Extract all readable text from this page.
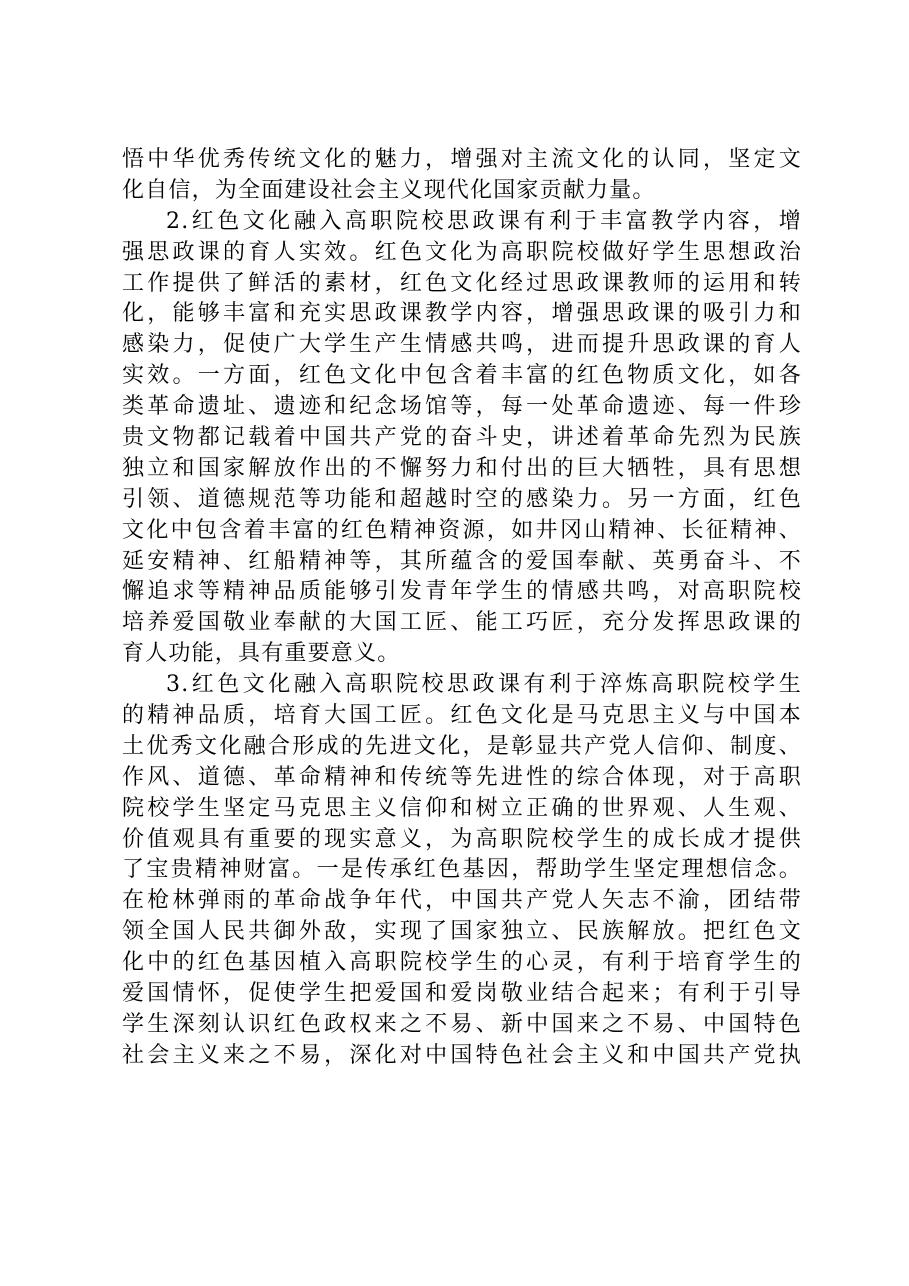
悟中华优秀传统文化的魅力，增强对主流文化的认同，坚定文
化自信，为全面建设社会主义现代化国家贡献力量。
2.红色文化融入高职院校思政课有利于丰富教学内容，增
强思政课的育人实效。红色文化为高职院校做好学生思想政治
工作提供了鲜活的素材，红色文化经过思政课教师的运用和转
化，能够丰富和充实思政课教学内容，增强思政课的吸引力和
感染力，促使广大学生产生情感共鸣，进而提升思政课的育人
实效。一方面，红色文化中包含着丰富的红色物质文化，如各
类革命遗址、遗迹和纪念场馆等，每一处革命遗迹、每一件珍
贵文物都记载着中国共产党的奋斗史，讲述着革命先烈为民族
独立和国家解放作出的不懈努力和付出的巨大牺牲，具有思想
引领、道德规范等功能和超越时空的感染力。另一方面，红色
文化中包含着丰富的红色精神资源，如井冈山精神、长征精神、
延安精神、红船精神等，其所蕴含的爱国奉献、英勇奋斗、不
懈追求等精神品质能够引发青年学生的情感共鸣，对高职院校
培养爱国敬业奉献的大国工匠、能工巧匠，充分发挥思政课的
育人功能，具有重要意义。
3.红色文化融入高职院校思政课有利于淬炼高职院校学生
的精神品质，培育大国工匠。红色文化是马克思主义与中国本
土优秀文化融合形成的先进文化，是彰显共产党人信仰、制度、
作风、道德、革命精神和传统等先进性的综合体现，对于高职
院校学生坚定马克思主义信仰和树立正确的世界观、人生观、
价值观具有重要的现实意义，为高职院校学生的成长成才提供
了宝贵精神财富。一是传承红色基因，帮助学生坚定理想信念。
在枪林弹雨的革命战争年代，中国共产党人矢志不渝，团结带
领全国人民共御外敌，实现了国家独立、民族解放。把红色文
化中的红色基因植入高职院校学生的心灵，有利于培育学生的
爱国情怀，促使学生把爱国和爱岗敬业结合起来；有利于引导
学生深刻认识红色政权来之不易、新中国来之不易、中国特色
社会主义来之不易，深化对中国特色社会主义和中国共产党执
